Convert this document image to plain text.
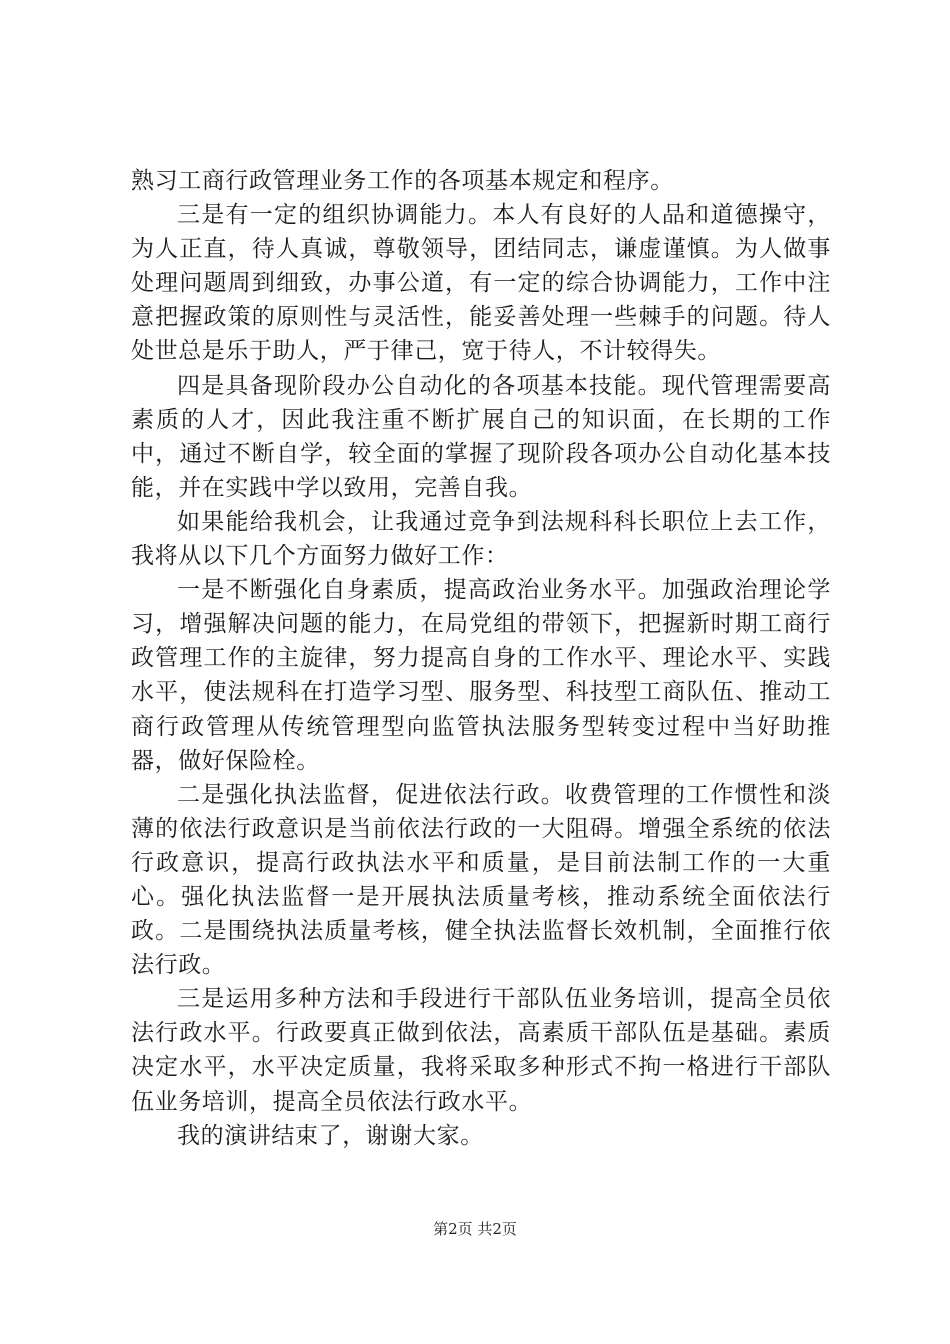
熟习工商行政管理业务工作的各项基本规定和程序。

三是有一定的组织协调能力。本人有良好的人品和道德操守，为人正直，待人真诚，尊敬领导，团结同志，谦虚谨慎。为人做事处理问题周到细致，办事公道，有一定的综合协调能力，工作中注意把握政策的原则性与灵活性，能妥善处理一些棘手的问题。待人处世总是乐于助人，严于律己，宽于待人，不计较得失。

四是具备现阶段办公自动化的各项基本技能。现代管理需要高素质的人才，因此我注重不断扩展自己的知识面，在长期的工作中，通过不断自学，较全面的掌握了现阶段各项办公自动化基本技能，并在实践中学以致用，完善自我。

如果能给我机会，让我通过竞争到法规科科长职位上去工作，我将从以下几个方面努力做好工作：

一是不断强化自身素质，提高政治业务水平。加强政治理论学习，增强解决问题的能力，在局党组的带领下，把握新时期工商行政管理工作的主旋律，努力提高自身的工作水平、理论水平、实践水平，使法规科在打造学习型、服务型、科技型工商队伍、推动工商行政管理从传统管理型向监管执法服务型转变过程中当好助推器，做好保险栓。

二是强化执法监督，促进依法行政。收费管理的工作惯性和淡薄的依法行政意识是当前依法行政的一大阻碍。增强全系统的依法行政意识，提高行政执法水平和质量，是目前法制工作的一大重心。强化执法监督一是开展执法质量考核，推动系统全面依法行政。二是围绕执法质量考核，健全执法监督长效机制，全面推行依法行政。

三是运用多种方法和手段进行干部队伍业务培训，提高全员依法行政水平。行政要真正做到依法，高素质干部队伍是基础。素质决定水平，水平决定质量，我将采取多种形式不拘一格进行干部队伍业务培训，提高全员依法行政水平。

我的演讲结束了，谢谢大家。

第2页 共2页
